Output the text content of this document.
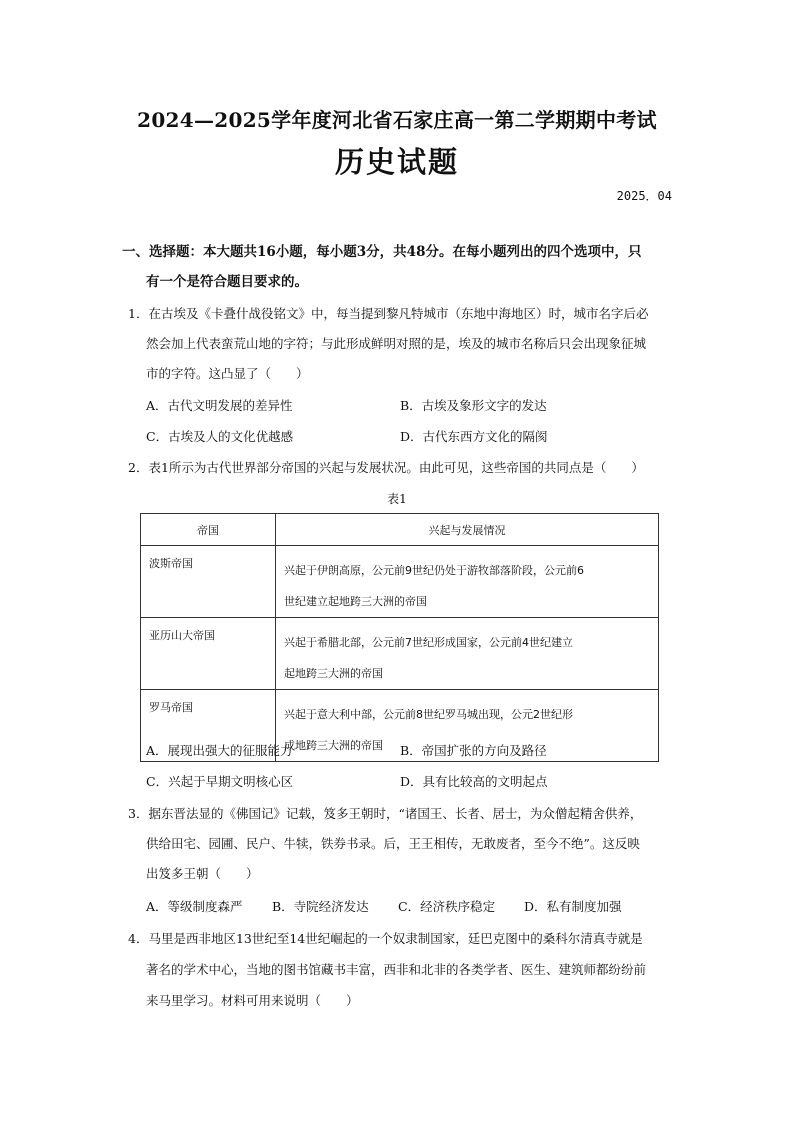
2024—2025学年度河北省石家庄高一第二学期期中考试
历史试题
2025．04
一、选择题：本大题共16小题，每小题3分，共48分。在每小题列出的四个选项中，只
有一个是符合题目要求的。
1．在古埃及《卡叠什战役铭文》中，每当提到黎凡特城市（东地中海地区）时，城市名字后必
然会加上代表蛮荒山地的字符；与此形成鲜明对照的是，埃及的城市名称后只会出现象征城
市的字符。这凸显了（　　）
A．古代文明发展的差异性	B．古埃及象形文字的发达
C．古埃及人的文化优越感	D．古代东西方文化的隔阂
2．表1所示为古代世界部分帝国的兴起与发展状况。由此可见，这些帝国的共同点是（　　）
表1
帝国	兴起与发展情况
波斯帝国	兴起于伊朗高原，公元前9世纪仍处于游牧部落阶段，公元前6
世纪建立起地跨三大洲的帝国

亚历山大帝国	兴起于希腊北部，公元前7世纪形成国家，公元前4世纪建立
起地跨三大洲的帝国

罗马帝国	兴起于意大利中部，公元前8世纪罗马城出现，公元2世纪形
成地跨三大洲的帝国
A．展现出强大的征服能力	B．帝国扩张的方向及路径
C．兴起于早期文明核心区	D．具有比较高的文明起点
3．据东晋法显的《佛国记》记载，笈多王朝时，“诸国王、长者、居士，为众僧起精舍供养，
供给田宅、园圃、民户、牛犊，铁券书录。后，王王相传，无敢废者，至今不绝”。这反映
出笈多王朝（　　）
A．等级制度森严 B．寺院经济发达 C．经济秩序稳定 D．私有制度加强
4．马里是西非地区13世纪至14世纪崛起的一个奴隶制国家，廷巴克图中的桑科尔清真寺就是
著名的学术中心，当地的图书馆藏书丰富，西非和北非的各类学者、医生、建筑师都纷纷前
来马里学习。材料可用来说明（　　）
